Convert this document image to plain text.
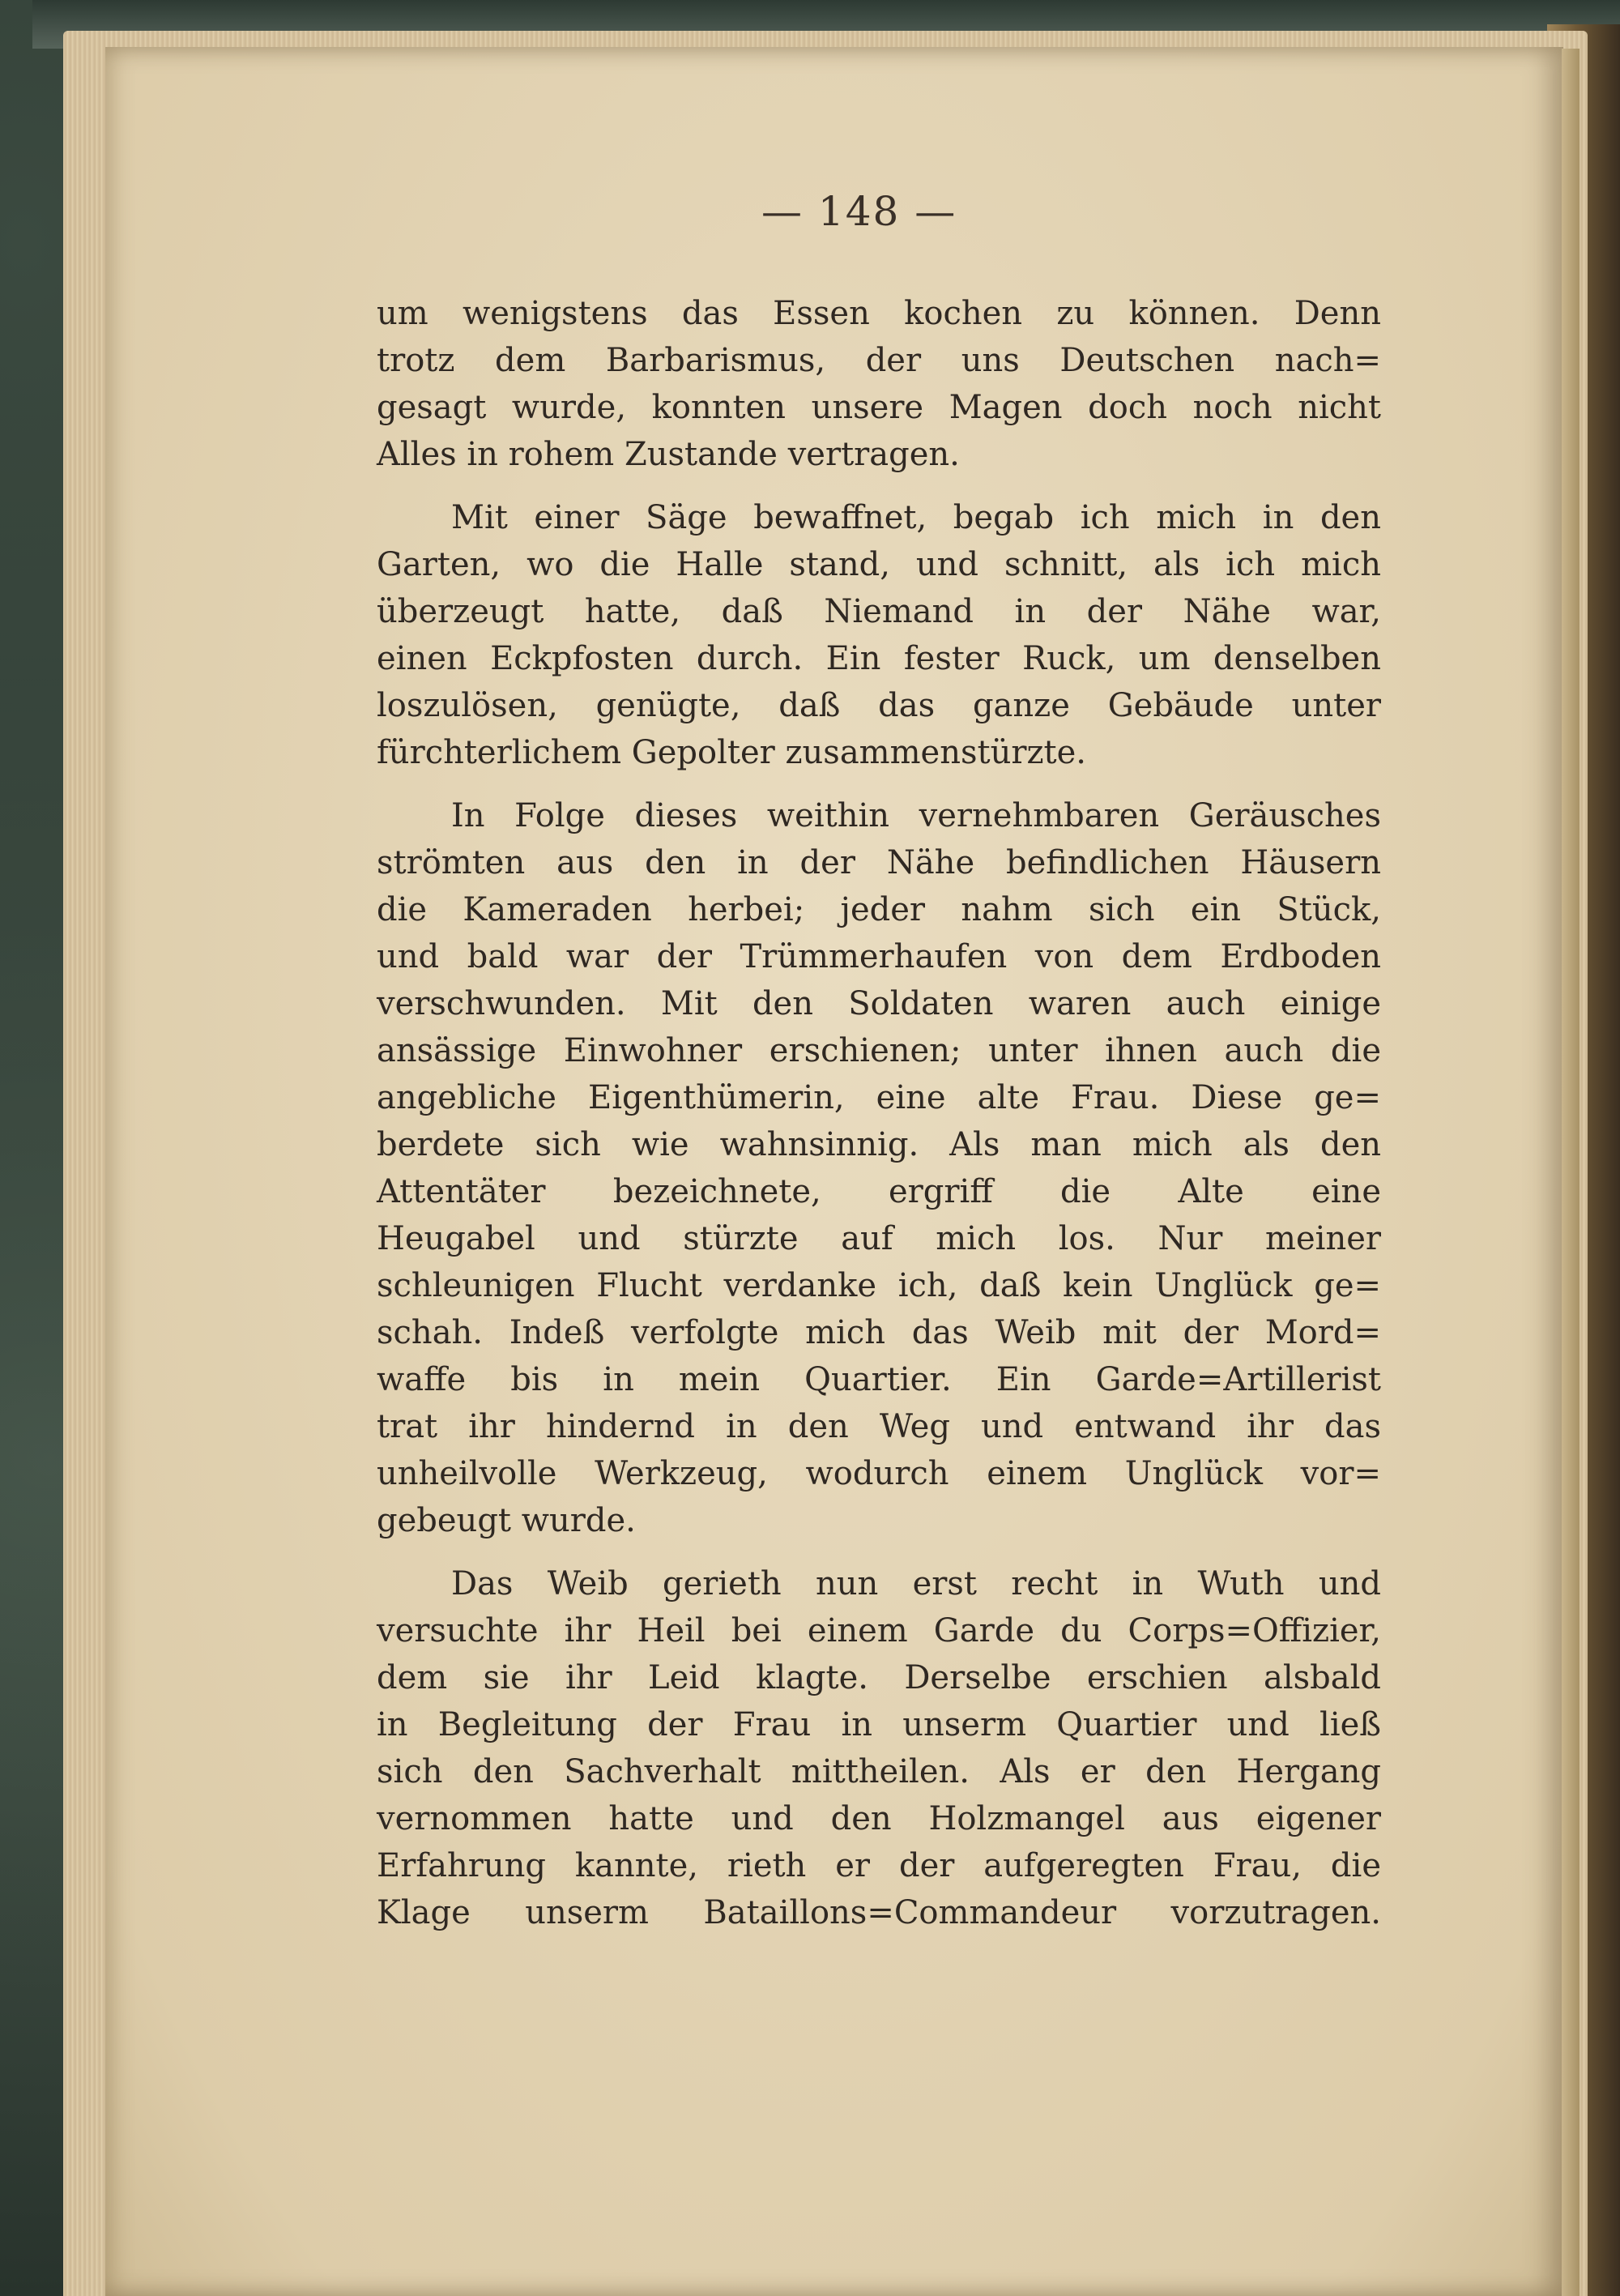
— 148 —
um wenigstens das Essen kochen zu können. Denn
trotz dem Barbarismus, der uns Deutschen nach=
gesagt wurde, konnten unsere Magen doch noch nicht
Alles in rohem Zustande vertragen.
Mit einer Säge bewaffnet, begab ich mich in den
Garten, wo die Halle stand, und schnitt, als ich mich
überzeugt hatte, daß Niemand in der Nähe war,
einen Eckpfosten durch. Ein fester Ruck, um denselben
loszulösen, genügte, daß das ganze Gebäude unter
fürchterlichem Gepolter zusammenstürzte.
In Folge dieses weithin vernehmbaren Geräusches
strömten aus den in der Nähe befindlichen Häusern
die Kameraden herbei; jeder nahm sich ein Stück,
und bald war der Trümmerhaufen von dem Erdboden
verschwunden. Mit den Soldaten waren auch einige
ansässige Einwohner erschienen; unter ihnen auch die
angebliche Eigenthümerin, eine alte Frau. Diese ge=
berdete sich wie wahnsinnig. Als man mich als den
Attentäter bezeichnete, ergriff die Alte eine
Heugabel und stürzte auf mich los. Nur meiner
schleunigen Flucht verdanke ich, daß kein Unglück ge=
schah. Indeß verfolgte mich das Weib mit der Mord=
waffe bis in mein Quartier. Ein Garde=Artillerist
trat ihr hindernd in den Weg und entwand ihr das
unheilvolle Werkzeug, wodurch einem Unglück vor=
gebeugt wurde.
Das Weib gerieth nun erst recht in Wuth und
versuchte ihr Heil bei einem Garde du Corps=Offizier,
dem sie ihr Leid klagte. Derselbe erschien alsbald
in Begleitung der Frau in unserm Quartier und ließ
sich den Sachverhalt mittheilen. Als er den Hergang
vernommen hatte und den Holzmangel aus eigener
Erfahrung kannte, rieth er der aufgeregten Frau, die
Klage unserm Bataillons=Commandeur vorzutragen.
